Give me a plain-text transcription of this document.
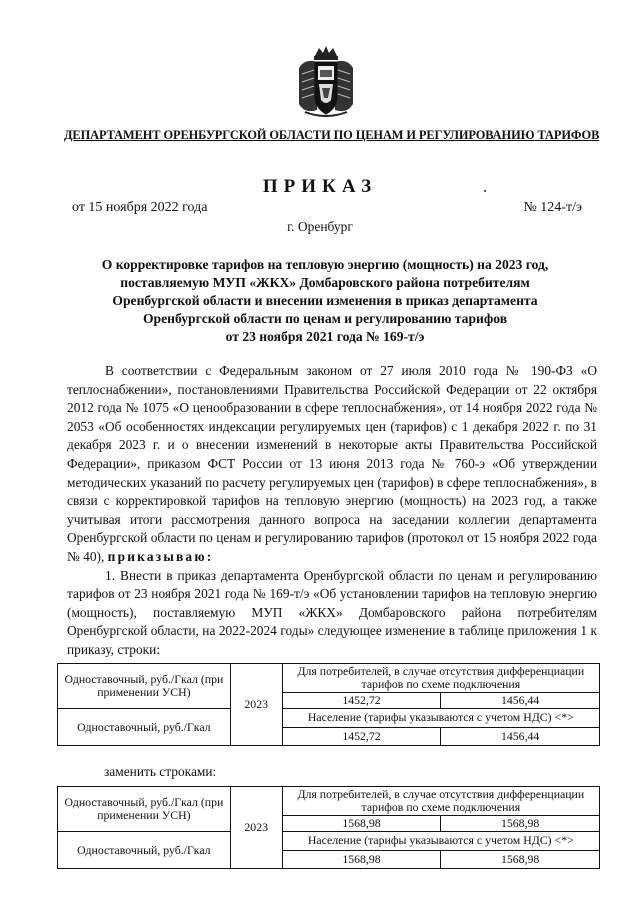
ДЕПАРТАМЕНТ ОРЕНБУРГСКОЙ ОБЛАСТИ ПО ЦЕНАМ И РЕГУЛИРОВАНИЮ ТАРИФОВ
ПРИКАЗ
от 15 ноября 2022 года	№ 124-т/э
г. Оренбург
О корректировке тарифов на тепловую энергию (мощность) на 2023 год,
поставляемую МУП «ЖКХ» Домбаровского района потребителям
Оренбургской области и внесении изменения в приказ департамента
Оренбургской области по ценам и регулированию тарифов
от 23 ноября 2021 года № 169-т/э

В соответствии с Федеральным законом от 27 июля 2010 года № 190-ФЗ «О теплоснабжении», постановлениями Правительства Российской Федерации от 22 октября 2012 года № 1075 «О ценообразовании в сфере теплоснабжения», от 14 ноября 2022 года № 2053 «Об особенностях индексации регулируемых цен (тарифов) с 1 декабря 2022 г. по 31 декабря 2023 г. и о внесении изменений в некоторые акты Правительства Российской Федерации», приказом ФСТ России от 13 июня 2013 года № 760-э «Об утверждении методических указаний по расчету регулируемых цен (тарифов) в сфере теплоснабжения», в связи с корректировкой тарифов на тепловую энергию (мощность) на 2023 год, а также учитывая итоги рассмотрения данного вопроса на заседании коллегии департамента Оренбургской области по ценам и регулированию тарифов (протокол от 15 ноября 2022 года № 40), приказываю:

1. Внести в приказ департамента Оренбургской области по ценам и регулированию тарифов от 23 ноября 2021 года № 169-т/э «Об установлении тарифов на тепловую энергию (мощность), поставляемую МУП «ЖКХ» Домбаровского района потребителям Оренбургской области, на 2022-2024 годы» следующее изменение в таблице приложения 1 к приказу, строки:

Одноставочный, руб./Гкал (при применении УСН)	2023	Для потребителей, в случае отсутствия дифференциации тарифов по схеме подключения	
		1452,72	1456,44
Одноставочный, руб./Гкал		Население (тарифы указываются с учетом НДС) <*>	
		1452,72	1456,44
заменить строками:
Одноставочный, руб./Гкал (при применении УСН)	2023	Для потребителей, в случае отсутствия дифференциации тарифов по схеме подключения	
		1568,98	1568,98
Одноставочный, руб./Гкал		Население (тарифы указываются с учетом НДС) <*>	
		1568,98	1568,98
